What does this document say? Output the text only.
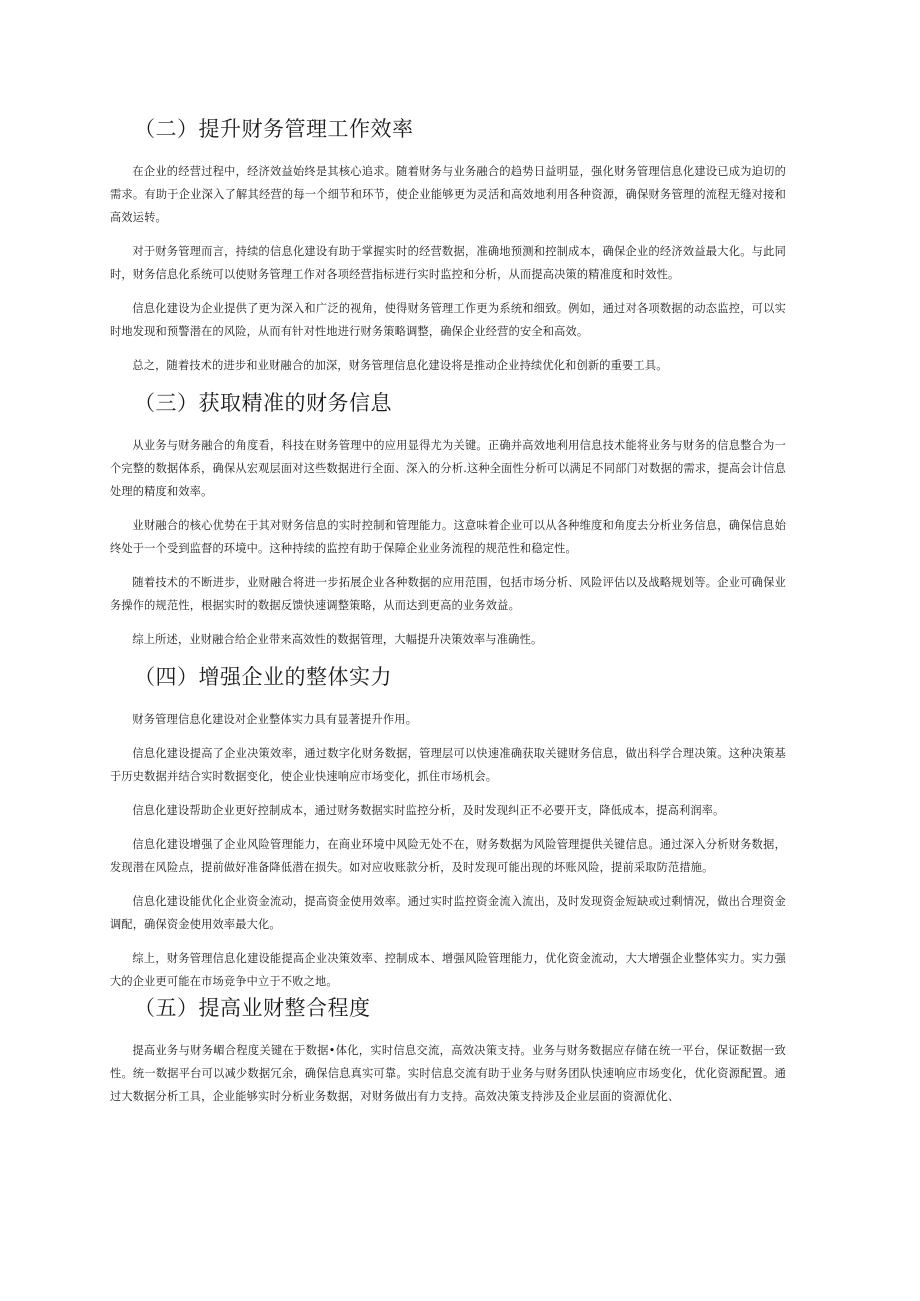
（二）提升财务管理工作效率

在企业的经营过程中，经济效益始终是其核心追求。随着财务与业务融合的趋势日益明显，强化财务管理信息化建设已成为迫切的需求。有助于企业深入了解其经营的每一个细节和环节，使企业能够更为灵活和高效地利用各种资源，确保财务管理的流程无缝对接和高效运转。

对于财务管理而言，持续的信息化建设有助于掌握实时的经营数据，准确地预测和控制成本，确保企业的经济效益最大化。与此同时，财务信息化系统可以使财务管理工作对各项经营指标进行实时监控和分析，从而提高决策的精准度和时效性。

信息化建设为企业提供了更为深入和广泛的视角，使得财务管理工作更为系统和细致。例如，通过对各项数据的动态监控，可以实时地发现和预警潜在的风险，从而有针对性地进行财务策略调整，确保企业经营的安全和高效。

总之，随着技术的进步和业财融合的加深，财务管理信息化建设将是推动企业持续优化和创新的重要工具。

（三）获取精准的财务信息

从业务与财务融合的角度看，科技在财务管理中的应用显得尤为关键。正确并高效地利用信息技术能将业务与财务的信息整合为一个完整的数据体系，确保从宏观层面对这些数据进行全面、深入的分析.这种全面性分析可以满足不同部门对数据的需求，提高会计信息处理的精度和效率。

业财融合的核心优势在于其对财务信息的实时控制和管理能力。这意味着企业可以从各种维度和角度去分析业务信息，确保信息始终处于一个受到监督的环境中。这种持续的监控有助于保障企业业务流程的规范性和稳定性。

随着技术的不断进步，业财融合将进一步拓展企业各种数据的应用范围，包括市场分析、风险评估以及战略规划等。企业可确保业务操作的规范性，根据实时的数据反馈快速调整策略，从而达到更高的业务效益。

综上所述，业财融合给企业带来高效性的数据管理，大幅提升决策效率与准确性。

（四）增强企业的整体实力

财务管理信息化建设对企业整体实力具有显著提升作用。

信息化建设提高了企业决策效率，通过数字化财务数据，管理层可以快速准确获取关键财务信息，做出科学合理决策。这种决策基于历史数据并结合实时数据变化，使企业快速响应市场变化，抓住市场机会。

信息化建设帮助企业更好控制成本，通过财务数据实时监控分析，及时发现纠正不必要开支，降低成本，提高利润率。

信息化建设增强了企业风险管理能力，在商业环境中风险无处不在，财务数据为风险管理提供关键信息。通过深入分析财务数据，发现潜在风险点，提前做好准备降低潜在损失。如对应收账款分析，及时发现可能出现的坏账风险，提前采取防范措施。

信息化建设能优化企业资金流动，提高资金使用效率。通过实时监控资金流入流出，及时发现资金短缺或过剩情况，做出合理资金调配，确保资金使用效率最大化。

综上，财务管理信息化建设能提高企业决策效率、控制成本、增强风险管理能力，优化资金流动，大大增强企业整体实力。实力强大的企业更可能在市场竞争中立于不败之地。

（五）提高业财整合程度

提高业务与财务嵋合程度关键在于数据•体化，实时信息交流，高效决策支持。业务与财务数据应存储在统一平台，保证数据一致性。统一数据平台可以减少数据冗余，确保信息真实可靠。实时信息交流有助于业务与财务团队快速响应市场变化，优化资源配置。通过大数据分析工具，企业能够实时分析业务数据，对财务做出有力支持。高效决策支持涉及企业层面的资源优化、
